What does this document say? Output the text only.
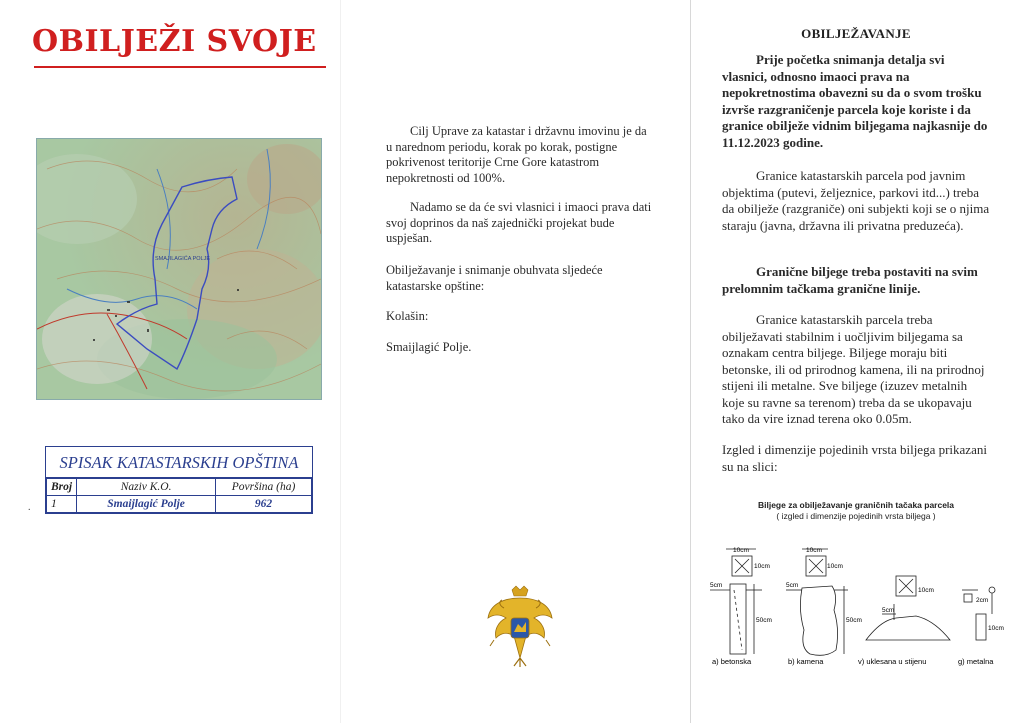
OBILJEŽI SVOJE
SMAJILAGIĆA POLJE
SPISAK KATASTARSKIH OPŠTINA
Broj	Naziv K.O.	Površina (ha)
1	Smaijlagić Polje	962
.

Cilj Uprave za katastar i državnu imovinu je da u narednom periodu, korak po korak, postigne pokrivenost teritorije Crne Gore katastrom nepokretnosti od 100%.

Nadamo se da će svi vlasnici i imaoci prava dati svoj doprinos da naš zajednički projekat bude uspješan.

Obilježavanje i snimanje obuhvata sljedeće katastarske opštine:

Kolašin:
Smaijlagić Polje.
OBILJEŽAVANJE

Prije početka snimanja detalja svi vlasnici, odnosno imaoci prava na nepokretnostima obavezni su da o svom trošku izvrše razgraničenje parcela koje koriste i da granice obilježe vidnim biljegama najkasnije do 11.12.2023 godine.

Granice katastarskih parcela pod javnim objektima (putevi, željeznice, parkovi itd...) treba da obilježe (razgraniče) oni subjekti koji se o njima staraju (javna, državna ili privatna preduzeća).

Granične biljege treba postaviti na svim prelomnim tačkama granične linije.

Granice katastarskih parcela treba obilježavati stabilnim i uočljivim biljegama sa oznakam centra biljege. Biljege moraju biti betonske, ili od prirodnog kamena, ili na prirodnoj stijeni ili metalne. Sve biljege (izuzev metalnih koje su ravne sa terenom) treba da se ukopavaju tako da vire iznad terena oko 0.05m.

Izgled i dimenzije pojedinih vrsta biljega prikazani su na slici:

Biljege za obilježavanje graničnih tačaka parcela
( izgled i dimenzije pojedinih vrsta biljega )
10cm
10cm
5cm
50cm
a) betonska
10cm
10cm
5cm
50cm
b) kamena
10cm
5cm
v) uklesana u stijenu
2cm
10cm
g) metalna
